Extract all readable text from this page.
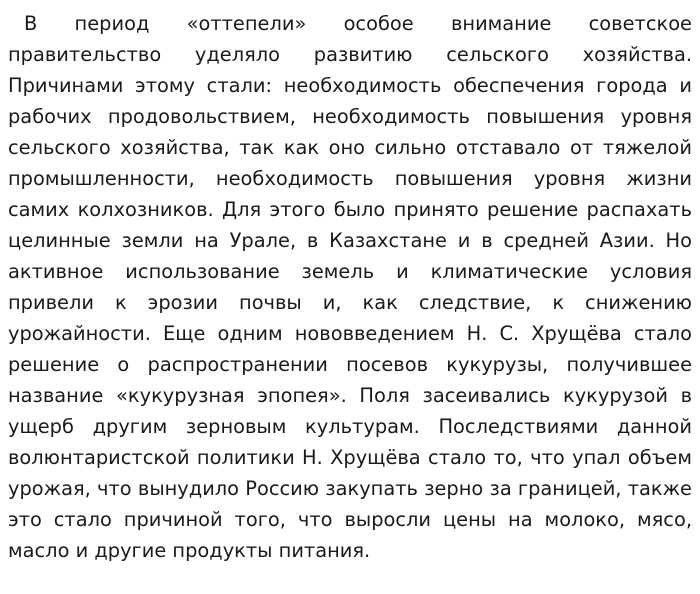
В период «оттепели» особое внимание советское правительство уделяло развитию сельского хозяйства. Причинами этому стали: необходимость обеспечения города и рабочих продовольствием, необходимость повышения уровня сельского хозяйства, так как оно сильно отставало от тяжелой промышленности, необходимость повышения уровня жизни самих колхозников. Для этого было принято решение распахать целинные земли на Урале, в Казахстане и в средней Азии. Но активное использование земель и климатические условия привели к эрозии почвы и, как следствие, к снижению урожайности. Еще одним нововведением Н. С. Хрущёва стало решение о распространении посевов кукурузы, получившее название «кукурузная эпопея». Поля засеивались кукурузой в ущерб другим зерновым культурам. Последствиями данной волюнтаристской политики Н. Хрущёва стало то, что упал объем урожая, что вынудило Россию закупать зерно за границей, также это стало причиной того, что выросли цены на молоко, мясо, масло и другие продукты питания.
